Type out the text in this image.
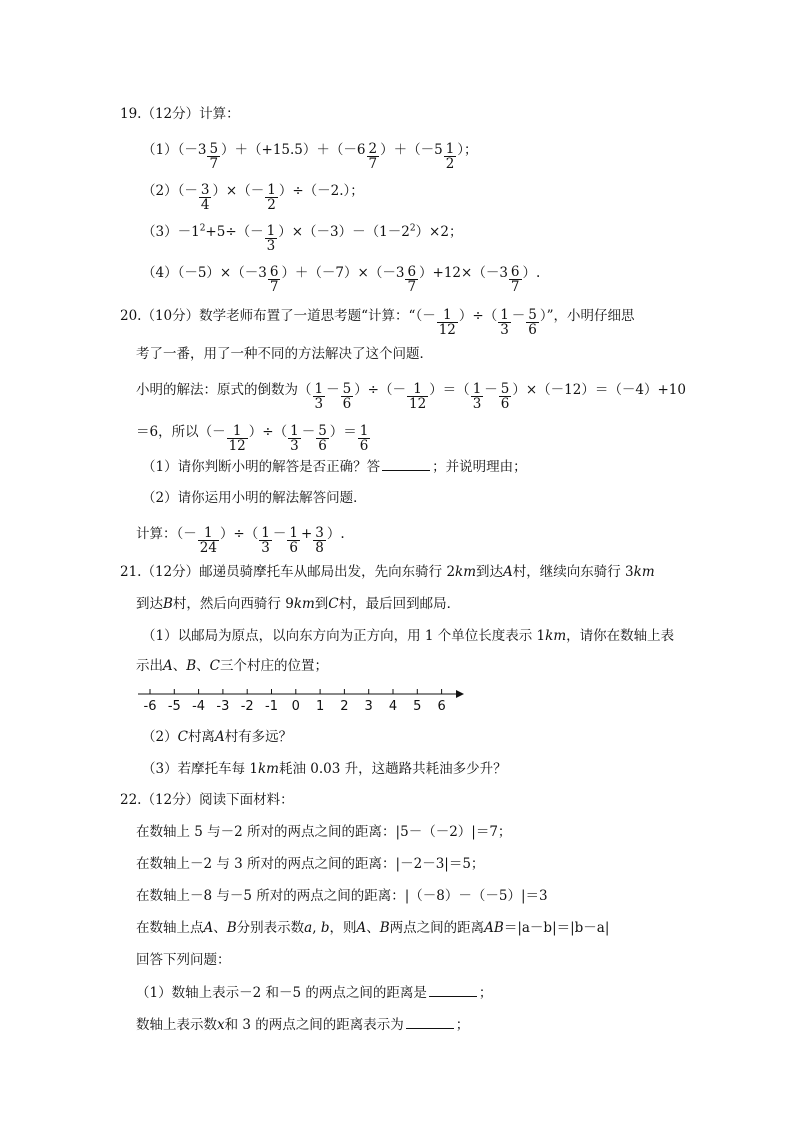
19.（12分）计算：
$(1)(-3 \frac{5}{7} )+(+15.5)+(-6 \frac{2}{7} )+(-5 \frac{1}{2}$ ）；
$(2)(- \frac{3}{4}$ ）×（－ $\frac{1}{2} )\div(-2.)$；
$(3)-1^2+5\div(- \frac{1}{3} )\times(-3)-(1-2^2)\times 2$；
$(4)(-5)\times(-3 \frac{6}{7} )+(-7)\times(-3 \frac{6}{7} )+12\times(-3 \frac{6}{7}$ ）.
20.（10分）数学老师布置了一道思考题“计算：“（－ $\frac{1}{12}$ ）÷（ $\frac{1}{3} - \frac{5}{6}$ ）”，小明仔细思
考了一番，用了一种不同的方法解决了这个问题．
小明的解法：原式的倒数为（ $\frac{1}{3} - \frac{5}{6}$ ）÷（－ $\frac{1}{12}$ ）＝（ $\frac{1}{3} - \frac{5}{6} )\times(-12)=(-4)+10$
＝6，所以（－ $\frac{1}{12}$ ）÷（ $\frac{1}{3} - \frac{5}{6}$ ）＝ $\frac{1}{6}$
（1）请你判断小明的解答是否正确？答	；并说明理由；
（2）请你运用小明的解法解答问题．
计算：（－ $\frac{1}{24}$ ）÷（ $\frac{1}{3} - \frac{1}{6} + \frac{3}{8}$ ）.
21.（12分）邮递员骑摩托车从邮局出发，先向东骑行 2km到达A村，继续向东骑行 3km
到达B村，然后向西骑行 9km到C村，最后回到邮局．
（1）以邮局为原点，以向东方向为正方向，用 1 个单位长度表示 1km，请你在数轴上表
示出A、B、C三个村庄的位置；
-6 -5 -4 -3 -2 -1 0 1 2 3 4 5 6
（2）C村离A村有多远？
（3）若摩托车每 1km耗油 0.03 升，这趟路共耗油多少升？
22.（12分）阅读下面材料：
在数轴上 5 与－2 所对的两点之间的距离：|5－（－2）|＝7；
在数轴上－2 与 3 所对的两点之间的距离：|－2－3|＝5；
在数轴上－8 与－5 所对的两点之间的距离：|（－8）－（－5）|＝3
在数轴上点A、B分别表示数a, b，则A、B两点之间的距离AB＝|a－b|＝|b－a|
回答下列问题：
（1）数轴上表示－2 和－5 的两点之间的距离是	；
数轴上表示数x和 3 的两点之间的距离表示为	；
